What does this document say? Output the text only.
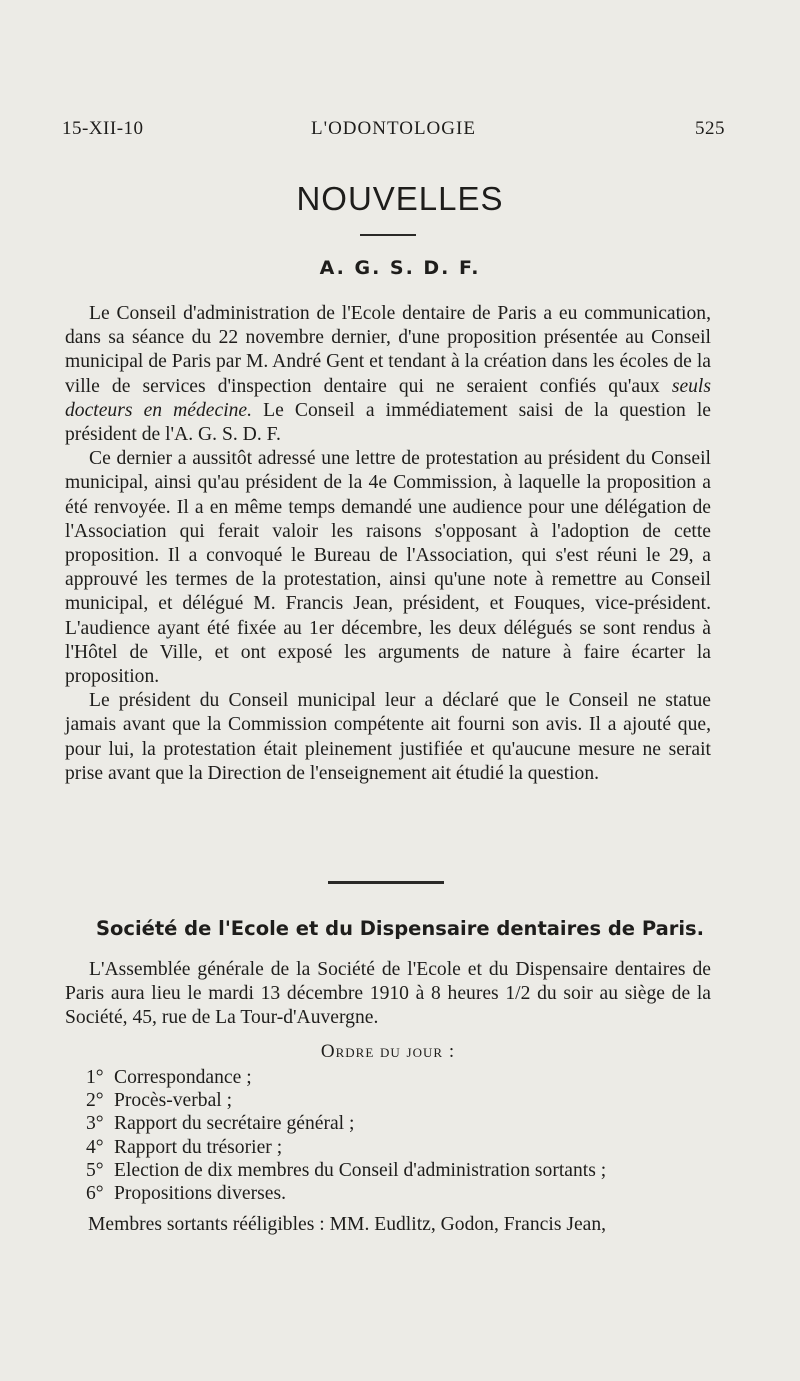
15-XII-10	L'ODONTOLOGIE	525
NOUVELLES
A. G. S. D. F.

Le Conseil d'administration de l'Ecole dentaire de Paris a eu communication, dans sa séance du 22 novembre dernier, d'une proposition présentée au Conseil municipal de Paris par M. André Gent et tendant à la création dans les écoles de la ville de services d'inspection dentaire qui ne seraient confiés qu'aux seuls docteurs en médecine. Le Conseil a immédiatement saisi de la question le président de l'A. G. S. D. F.

Ce dernier a aussitôt adressé une lettre de protestation au président du Conseil municipal, ainsi qu'au président de la 4e Commission, à laquelle la proposition a été renvoyée. Il a en même temps demandé une audience pour une délégation de l'Association qui ferait valoir les raisons s'opposant à l'adoption de cette proposition. Il a convoqué le Bureau de l'Association, qui s'est réuni le 29, a approuvé les termes de la protestation, ainsi qu'une note à remettre au Conseil municipal, et délégué M. Francis Jean, président, et Fouques, vice-président. L'audience ayant été fixée au 1er décembre, les deux délégués se sont rendus à l'Hôtel de Ville, et ont exposé les arguments de nature à faire écarter la proposition.

Le président du Conseil municipal leur a déclaré que le Conseil ne statue jamais avant que la Commission compétente ait fourni son avis. Il a ajouté que, pour lui, la protestation était pleinement justifiée et qu'aucune mesure ne serait prise avant que la Direction de l'enseignement ait étudié la question.

Société de l'Ecole et du Dispensaire dentaires de Paris.

L'Assemblée générale de la Société de l'Ecole et du Dispensaire dentaires de Paris aura lieu le mardi 13 décembre 1910 à 8 heures 1/2 du soir au siège de la Société, 45, rue de La Tour-d'Auvergne.

Ordre du jour :
1° Correspondance ;
2° Procès-verbal ;
3° Rapport du secrétaire général ;
4° Rapport du trésorier ;
5° Election de dix membres du Conseil d'administration sortants ;
6° Propositions diverses.
Membres sortants rééligibles : MM. Eudlitz, Godon, Francis Jean,
